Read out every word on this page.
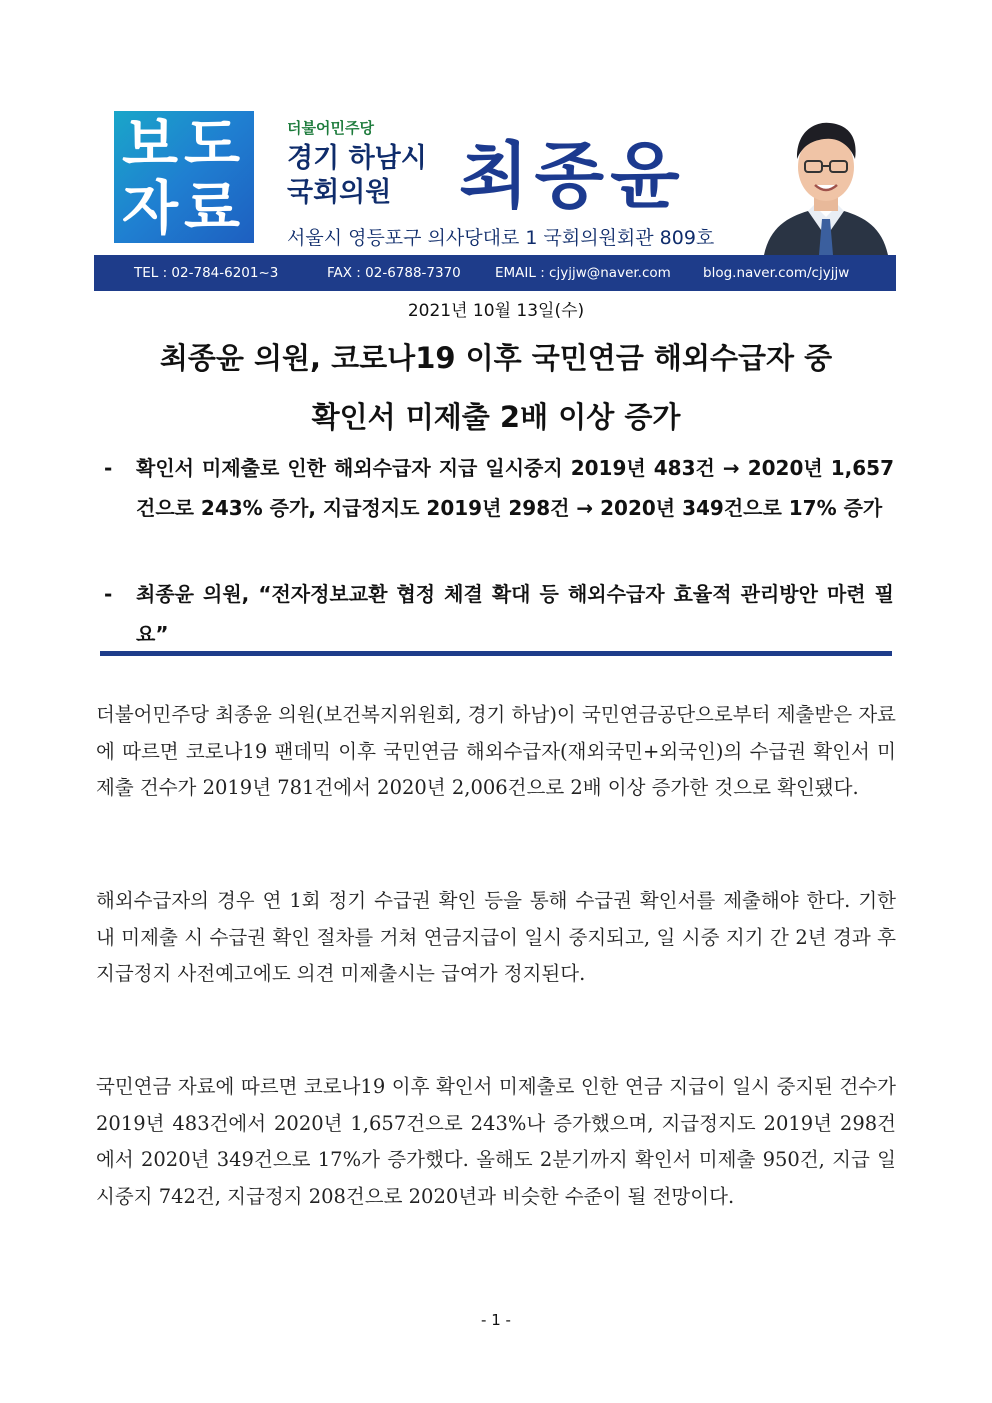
보도
자료
더불어민주당
경기 하남시
국회의원 최종윤
서울시 영등포구 의사당대로 1 국회의원회관 809호
TEL : 02-784-6201~3	FAX : 02-6788-7370	EMAIL : cjyjjw@naver.com blog.naver.com/cjyjjw
2021년 10월 13일(수)
최종윤 의원, 코로나19 이후 국민연금 해외수급자 중
확인서 미제출 2배 이상 증가
- 확인서 미제출로 인한 해외수급자 지급 일시중지 2019년 483건 → 2020년 1,657건으로 243% 증가, 지급정지도 2019년 298건 → 2020년 349건으로 17% 증가
- 최종윤 의원, “전자정보교환 협정 체결 확대 등 해외수급자 효율적 관리방안 마련 필요”
더불어민주당 최종윤 의원(보건복지위원회, 경기 하남)이 국민연금공단으로부터 제출받은 자료에 따르면 코로나19 팬데믹 이후 국민연금 해외수급자(재외국민+외국인)의 수급권 확인서 미제출 건수가 2019년 781건에서 2020년 2,006건으로 2배 이상 증가한 것으로 확인됐다.
해외수급자의 경우 연 1회 정기 수급권 확인 등을 통해 수급권 확인서를 제출해야 한다. 기한 내 미제출 시 수급권 확인 절차를 거쳐 연금지급이 일시 중지되고, 일 시중 지기 간 2년 경과 후 지급정지 사전예고에도 의견 미제출시는 급여가 정지된다.
국민연금 자료에 따르면 코로나19 이후 확인서 미제출로 인한 연금 지급이 일시 중지된 건수가 2019년 483건에서 2020년 1,657건으로 243%나 증가했으며, 지급정지도 2019년 298건에서 2020년 349건으로 17%가 증가했다. 올해도 2분기까지 확인서 미제출 950건, 지급 일시중지 742건, 지급정지 208건으로 2020년과 비슷한 수준이 될 전망이다.
- 1 -
